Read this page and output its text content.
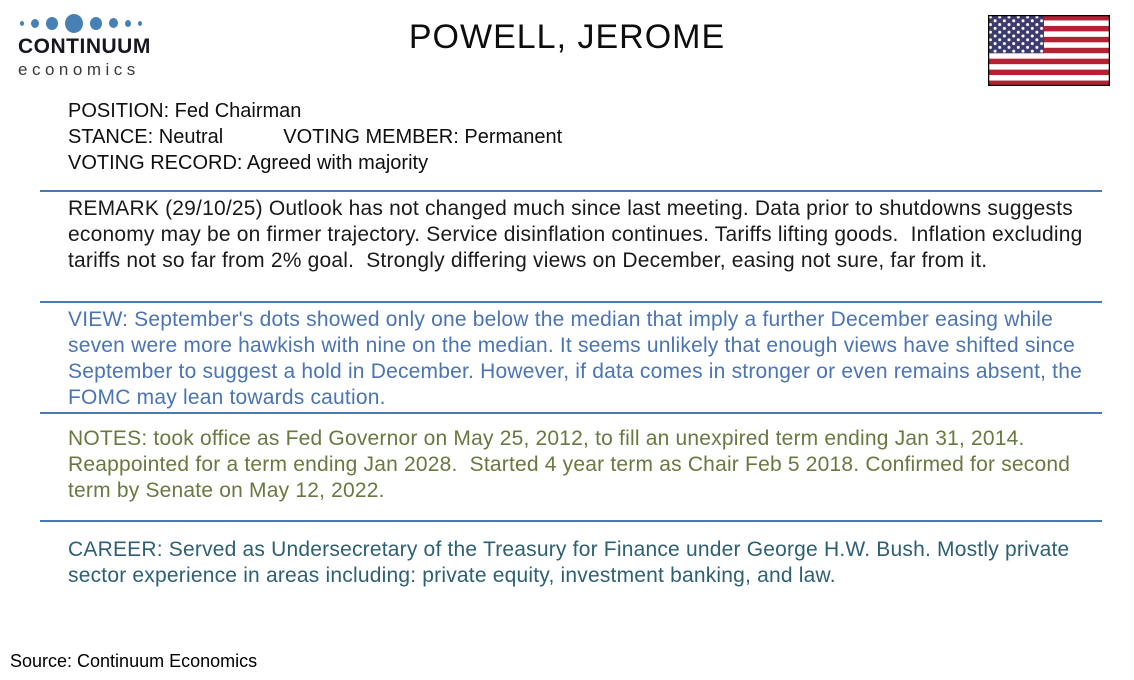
CONTINUUM
economics
POWELL, JEROME
POSITION: Fed Chairman
STANCE: Neutral	VOTING MEMBER: Permanent
VOTING RECORD: Agreed with majority
REMARK (29/10/25) Outlook has not changed much since last meeting. Data prior to shutdowns suggests economy may be on firmer trajectory. Service disinflation continues. Tariffs lifting goods.  Inflation excluding tariffs not so far from 2% goal.  Strongly differing views on December, easing not sure, far from it.
VIEW: September's dots showed only one below the median that imply a further December easing while seven were more hawkish with nine on the median. It seems unlikely that enough views have shifted since September to suggest a hold in December. However, if data comes in stronger or even remains absent, the FOMC may lean towards caution.
NOTES: took office as Fed Governor on May 25, 2012, to fill an unexpired term ending Jan 31, 2014. Reappointed for a term ending Jan 2028.  Started 4 year term as Chair Feb 5 2018. Confirmed for second term by Senate on May 12, 2022.
CAREER: Served as Undersecretary of the Treasury for Finance under George H.W. Bush. Mostly private sector experience in areas including: private equity, investment banking, and law.
Source: Continuum Economics
